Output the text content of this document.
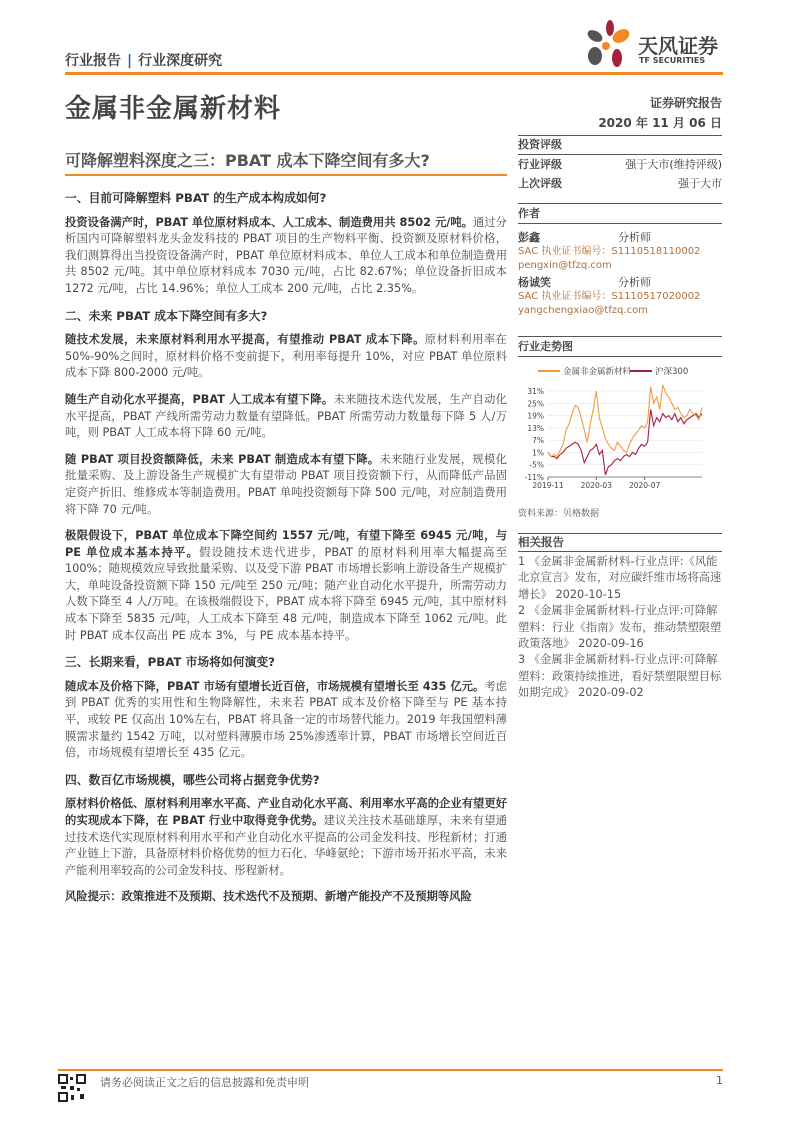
天风证券
TF SECURITIES
行业报告 | 行业深度研究
金属非金属新材料
可降解塑料深度之三：PBAT 成本下降空间有多大?
一、目前可降解塑料 PBAT 的生产成本构成如何?

投资设备满产时，PBAT 单位原材料成本、人工成本、制造费用共 8502 元/吨。通过分析国内可降解塑料龙头金发科技的 PBAT 项目的生产物料平衡、投资额及原材料价格，我们测算得出当投资设备满产时，PBAT 单位原材料成本、单位人工成本和单位制造费用共 8502 元/吨。其中单位原材料成本 7030 元/吨，占比 82.67%；单位设备折旧成本 1272 元/吨，占比 14.96%；单位人工成本 200 元/吨，占比 2.35%。

二、未来 PBAT 成本下降空间有多大?

随技术发展，未来原材料利用水平提高，有望推动 PBAT 成本下降。原材料利用率在 50%-90%之间时，原材料价格不变前提下，利用率每提升 10%，对应 PBAT 单位原料成本下降 800-2000 元/吨。

随生产自动化水平提高，PBAT 人工成本有望下降。未来随技术迭代发展，生产自动化水平提高，PBAT 产线所需劳动力数量有望降低。PBAT 所需劳动力数量每下降 5 人/万吨，则 PBAT 人工成本将下降 60 元/吨。

随 PBAT 项目投资额降低，未来 PBAT 制造成本有望下降。未来随行业发展，规模化批量采购、及上游设备生产规模扩大有望带动 PBAT 项目投资额下行，从而降低产品固定资产折旧、维修成本等制造费用。PBAT 单吨投资额每下降 500 元/吨，对应制造费用将下降 70 元/吨。

极限假设下，PBAT 单位成本下降空间约 1557 元/吨，有望下降至 6945 元/吨，与 PE 单位成本基本持平。假设随技术迭代进步，PBAT 的原材料利用率大幅提高至 100%；随规模效应导致批量采购、以及受下游 PBAT 市场增长影响上游设备生产规模扩大，单吨设备投资额下降 150 元/吨至 250 元/吨；随产业自动化水平提升，所需劳动力人数下降至 4 人/万吨。在该极端假设下，PBAT 成本将下降至 6945 元/吨，其中原材料成本下降至 5835 元/吨，人工成本下降至 48 元/吨，制造成本下降至 1062 元/吨。此时 PBAT 成本仅高出 PE 成本 3%，与 PE 成本基本持平。

三、长期来看，PBAT 市场将如何演变?

随成本及价格下降，PBAT 市场有望增长近百倍，市场规模有望增长至 435 亿元。考虑到 PBAT 优秀的实用性和生物降解性，未来若 PBAT 成本及价格下降至与 PE 基本持平，或较 PE 仅高出 10%左右，PBAT 将具备一定的市场替代能力。2019 年我国塑料薄膜需求量约 1542 万吨，以对塑料薄膜市场 25%渗透率计算，PBAT 市场增长空间近百倍，市场规模有望增长至 435 亿元。

四、数百亿市场规模，哪些公司将占据竞争优势?

原材料价格低、原材料利用率水平高、产业自动化水平高、利用率水平高的企业有望更好的实现成本下降，在 PBAT 行业中取得竞争优势。建议关注技术基础雄厚，未来有望通过技术迭代实现原材料利用水平和产业自动化水平提高的公司金发科技、彤程新材；打通产业链上下游，具备原材料价格优势的恒力石化、华峰氨纶；下游市场开拓水平高，未来产能利用率较高的公司金发科技、彤程新材。

风险提示：政策推进不及预期、技术迭代不及预期、新增产能投产不及预期等风险

证券研究报告
2020 年 11 月 06 日
投资评级
行业评级	强于大市(维持评级)
上次评级	强于大市
作者
彭鑫	分析师
SAC 执业证书编号：S1110518110002
pengxin@tfzq.com
杨诚笑	分析师
SAC 执业证书编号：S1110517020002
yangchengxiao@tfzq.com
行业走势图
金属非金属新材料	沪深300
31%
25%
19%
13%
7%
1%
-5%
-11%
2019-11 2020-03 2020-07
资料来源：贝格数据
相关报告
1 《金属非金属新材料-行业点评:《风能北京宣言》发布，对应碳纤维市场将高速增长》 2020-10-15
2 《金属非金属新材料-行业点评:可降解塑料：行业《指南》发布，推动禁塑限塑政策落地》 2020-09-16
3 《金属非金属新材料-行业点评:可降解塑料：政策持续推进，看好禁塑限塑目标如期完成》 2020-09-02
请务必阅读正文之后的信息披露和免责申明	1
